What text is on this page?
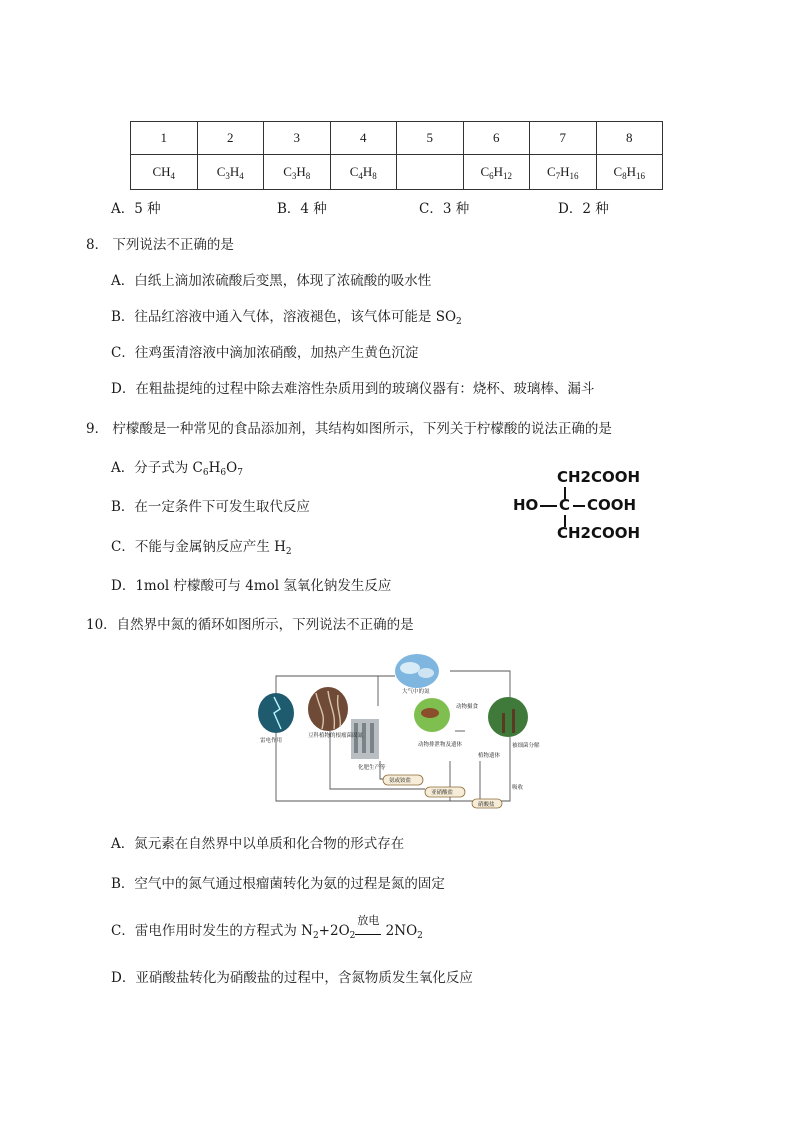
1	2	3	4	5	6	7	8
$CH_4$	$C_3H_4$	$C_3H_8$	$C_4H_8$		$C_6H_{12}$	$C_7H_{16}$	$C_8H_{16}$
A．5 种	B．4 种	C．3 种	D．2 种
8． 下列说法不正确的是
A．白纸上滴加浓硫酸后变黑，体现了浓硫酸的吸水性
B．往品红溶液中通入气体，溶液褪色，该气体可能是 $SO_2$
C．往鸡蛋清溶液中滴加浓硝酸，加热产生黄色沉淀
D．在粗盐提纯的过程中除去难溶性杂质用到的玻璃仪器有：烧杯、玻璃棒、漏斗
9． 柠檬酸是一种常见的食品添加剂，其结构如图所示，下列关于柠檬酸的说法正确的是
A．分子式为 $C_6H_6O_7$
B．在一定条件下可发生取代反应
C．不能与金属钠反应产生 $H_2$
D．1mol 柠檬酸可与 4mol 氢氧化钠发生反应
CH2COOH
HO C COOH
CH2COOH
10．自然界中氮的循环如图所示，下列说法不正确的是
大气中的氮
雷电作用
豆科植物的根瘤菌固氮
化肥生产等
动物排泄物及遗体
动物摄食
植物遗体
被细菌分解
吸收
氨或铵盐
亚硝酸盐
硝酸盐
A．氮元素在自然界中以单质和化合物的形式存在
B．空气中的氮气通过根瘤菌转化为氨的过程是氮的固定
C．雷电作用时发生的方程式为 $N_2+2O_2$
放电
$2NO_2$
D．亚硝酸盐转化为硝酸盐的过程中，含氮物质发生氧化反应
